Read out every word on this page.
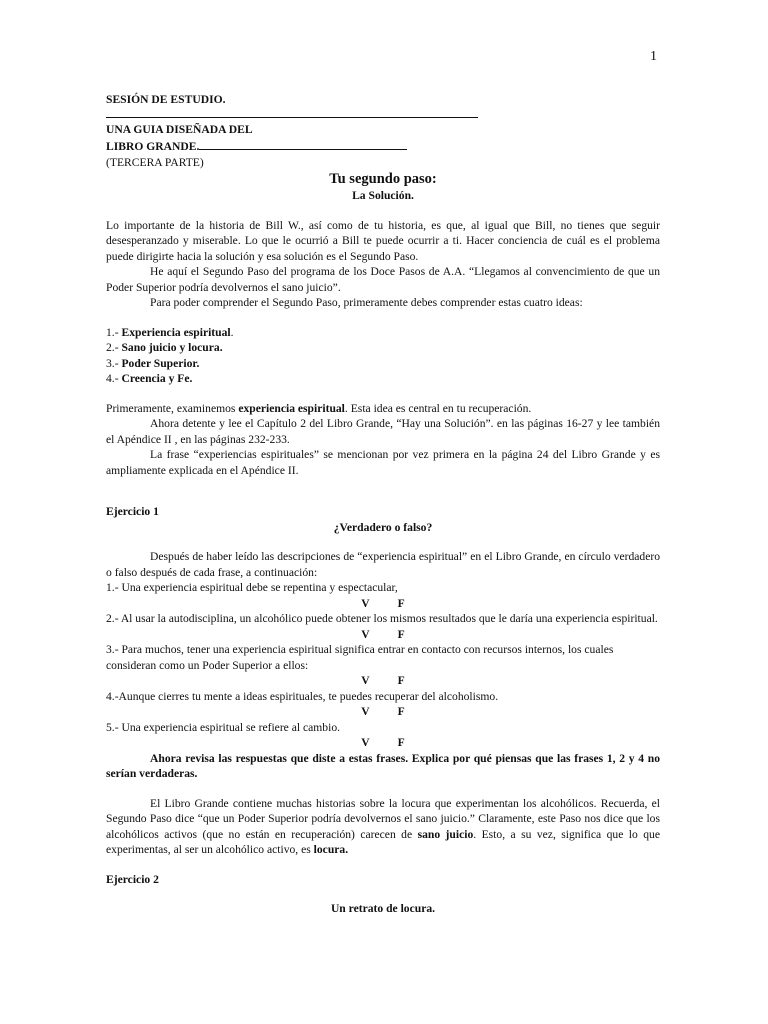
1

SESIÓN DE ESTUDIO.

UNA GUIA DISEÑADA DEL

LIBRO GRANDE.

(TERCERA PARTE)

Tu segundo paso:

La Solución.

Lo importante de la historia de Bill W., así como de tu historia, es que, al igual que Bill, no tienes que seguir desesperanzado y miserable. Lo que le ocurrió a Bill te puede ocurrir a ti. Hacer conciencia de cuál es el problema puede dirigirte hacia la solución y esa solución es el Segundo Paso.

He aquí el Segundo Paso del programa de los Doce Pasos de A.A. “Llegamos al convencimiento de que un Poder Superior podría devolvernos el sano juicio”.

Para poder comprender el Segundo Paso, primeramente debes comprender estas cuatro ideas:

1.- Experiencia espiritual.

2.- Sano juicio y locura.

3.- Poder Superior.

4.- Creencia y Fe.

Primeramente, examinemos experiencia espiritual. Esta idea es central en tu recuperación.

Ahora detente y lee el Capítulo 2 del Libro Grande, “Hay una Solución”. en las páginas 16-27 y lee también el Apéndice II , en las páginas 232-233.

La frase “experiencias espirituales” se mencionan por vez primera en la página 24 del Libro Grande y es ampliamente explicada en el Apéndice II.

Ejercicio 1

¿Verdadero o falso?

Después de haber leído las descripciones de “experiencia espiritual” en el Libro Grande, en círculo verdadero o falso después de cada frase, a continuación:

1.- Una experiencia espiritual debe se repentina y espectacular,

V F

2.- Al usar la autodisciplina, un alcohólico puede obtener los mismos resultados que le daría una experiencia espiritual.

V F

3.- Para muchos, tener una experiencia espiritual significa entrar en contacto con recursos internos, los cuales consideran como un Poder Superior a ellos:

V F

4.-Aunque cierres tu mente a ideas espirituales, te puedes recuperar del alcoholismo.

V F

5.- Una experiencia espiritual se refiere al cambio.

V F

Ahora revisa las respuestas que diste a estas frases. Explica por qué piensas que las frases 1, 2 y 4 no serían verdaderas.

El Libro Grande contiene muchas historias sobre la locura que experimentan los alcohólicos. Recuerda, el Segundo Paso dice “que un Poder Superior podría devolvernos el sano juicio.” Claramente, este Paso nos dice que los alcohólicos activos (que no están en recuperación) carecen de sano juicio. Esto, a su vez, significa que lo que experimentas, al ser un alcohólico activo, es locura.

Ejercicio 2

Un retrato de locura.
